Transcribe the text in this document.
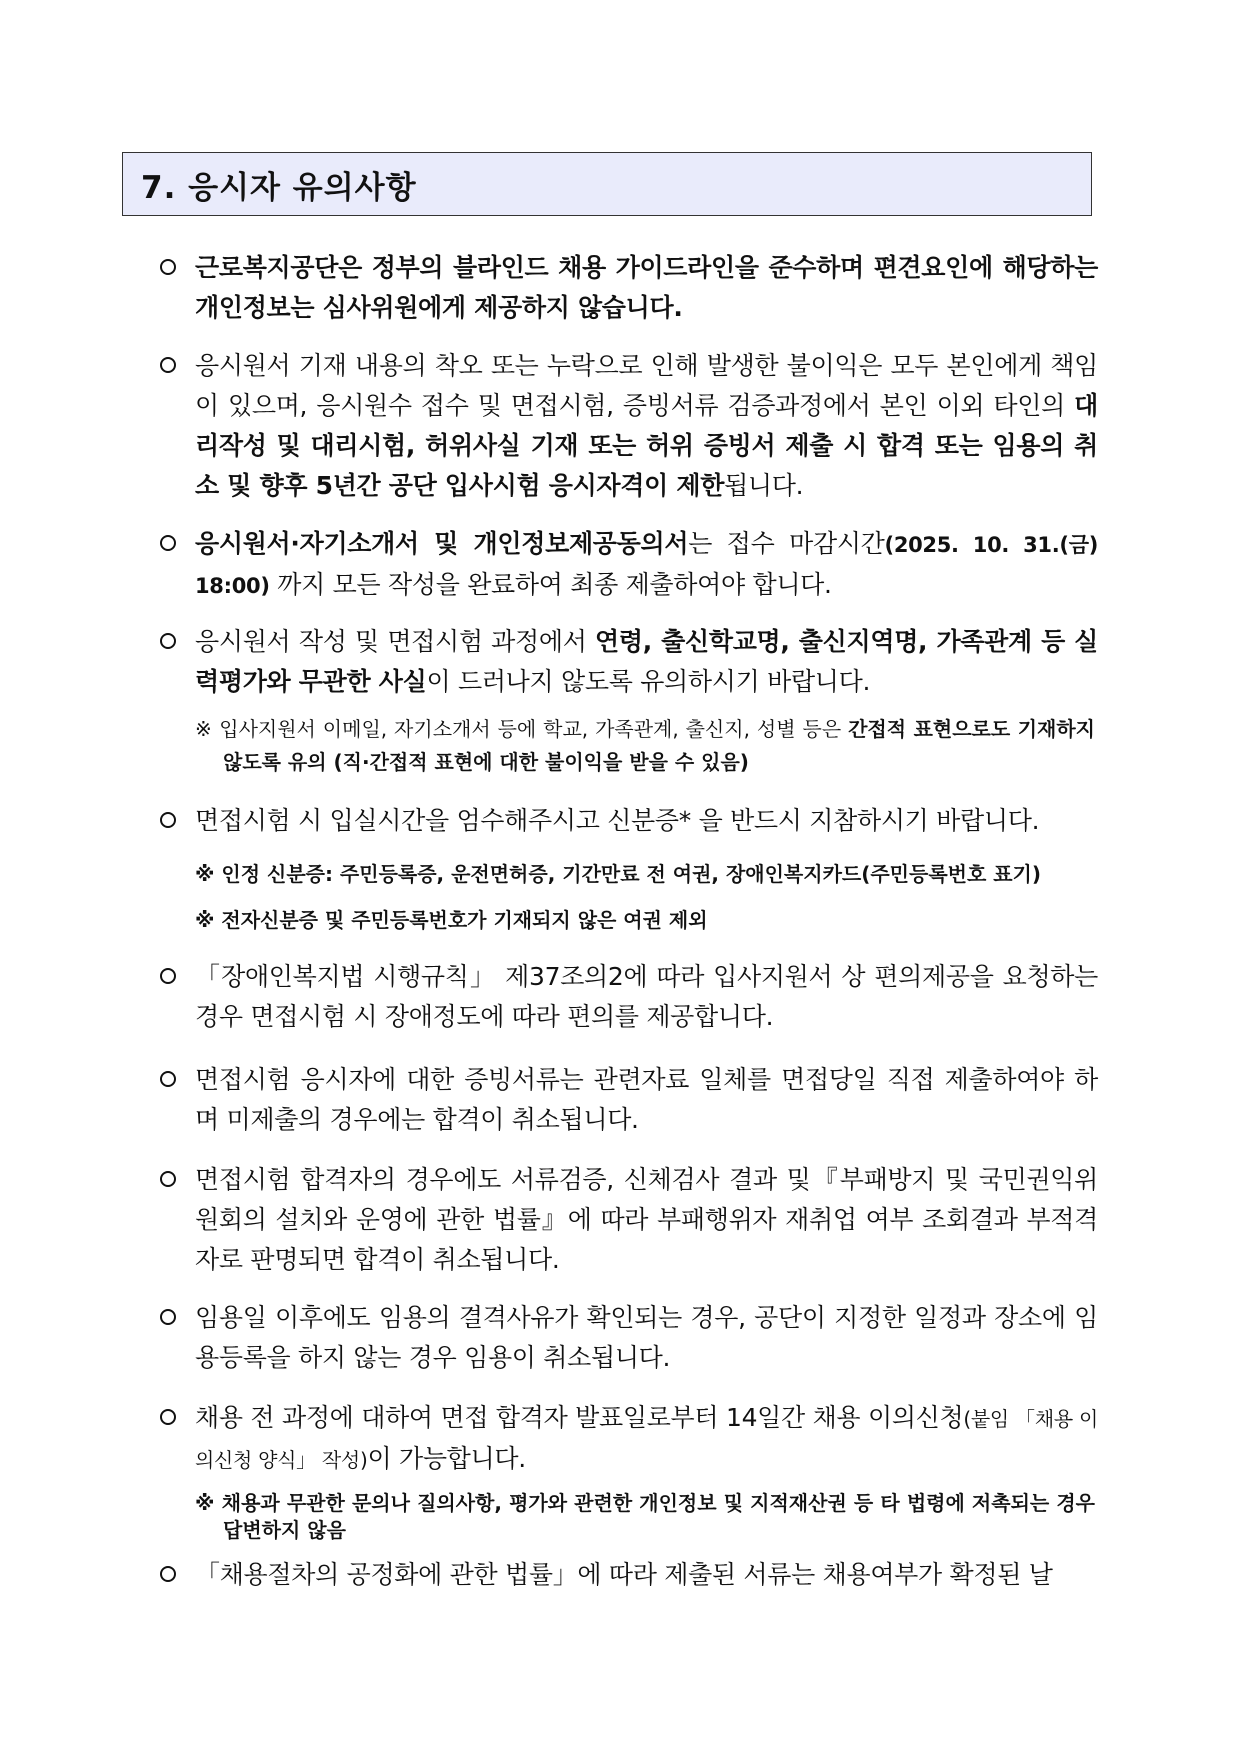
7. 응시자 유의사항
근로복지공단은 정부의 블라인드 채용 가이드라인을 준수하며 편견요인에 해당하는 개인정보는 심사위원에게 제공하지 않습니다.
응시원서 기재 내용의 착오 또는 누락으로 인해 발생한 불이익은 모두 본인에게 책임이 있으며, 응시원수 접수 및 면접시험, 증빙서류 검증과정에서 본인 이외 타인의 대리작성 및 대리시험, 허위사실 기재 또는 허위 증빙서 제출 시 합격 또는 임용의 취소 및 향후 5년간 공단 입사시험 응시자격이 제한됩니다.
응시원서·자기소개서 및 개인정보제공동의서는 접수 마감시간(2025. 10. 31.(금) 18:00) 까지 모든 작성을 완료하여 최종 제출하여야 합니다.
응시원서 작성 및 면접시험 과정에서 연령, 출신학교명, 출신지역명, 가족관계 등 실력평가와 무관한 사실이 드러나지 않도록 유의하시기 바랍니다.
※ 입사지원서 이메일, 자기소개서 등에 학교, 가족관계, 출신지, 성별 등은 간접적 표현으로도 기재하지 않도록 유의 (직·간접적 표현에 대한 불이익을 받을 수 있음)
면접시험 시 입실시간을 엄수해주시고 신분증* 을 반드시 지참하시기 바랍니다.
※ 인정 신분증: 주민등록증, 운전면허증, 기간만료 전 여권, 장애인복지카드(주민등록번호 표기)
※ 전자신분증 및 주민등록번호가 기재되지 않은 여권 제외
「장애인복지법 시행규칙」 제37조의2에 따라 입사지원서 상 편의제공을 요청하는 경우 면접시험 시 장애정도에 따라 편의를 제공합니다.
면접시험 응시자에 대한 증빙서류는 관련자료 일체를 면접당일 직접 제출하여야 하며 미제출의 경우에는 합격이 취소됩니다.
면접시험 합격자의 경우에도 서류검증, 신체검사 결과 및『부패방지 및 국민권익위원회의 설치와 운영에 관한 법률』에 따라 부패행위자 재취업 여부 조회결과 부적격자로 판명되면 합격이 취소됩니다.
임용일 이후에도 임용의 결격사유가 확인되는 경우, 공단이 지정한 일정과 장소에 임용등록을 하지 않는 경우 임용이 취소됩니다.
채용 전 과정에 대하여 면접 합격자 발표일로부터 14일간 채용 이의신청(붙임 「채용 이의신청 양식」 작성)이 가능합니다.
※ 채용과 무관한 문의나 질의사항, 평가와 관련한 개인정보 및 지적재산권 등 타 법령에 저촉되는 경우 답변하지 않음
「채용절차의 공정화에 관한 법률」에 따라 제출된 서류는 채용여부가 확정된 날
